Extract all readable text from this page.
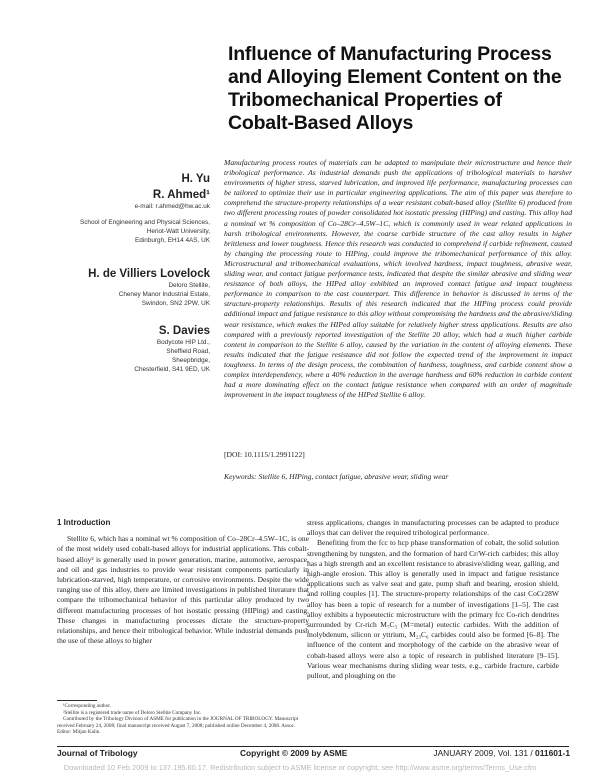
Influence of Manufacturing Process and Alloying Element Content on the Tribomechanical Properties of Cobalt-Based Alloys
H. Yu
R. Ahmed¹
e-mail: r.ahmed@hw.ac.uk
School of Engineering and Physical Sciences,
Heriot-Watt University,
Edinburgh, EH14 4AS, UK
H. de Villiers Lovelock
Deloro Stellite,
Cheney Manor Industrial Estate,
Swindon, SN2 2PW, UK
S. Davies
Bodycote HIP Ltd.,
Sheffield Road,
Sheepbridge,
Chesterfield, S41 9ED, UK

Manufacturing process routes of materials can be adapted to manipulate their microstructure and hence their tribological performance. As industrial demands push the applications of tribological materials to harsher environments of higher stress, starved lubrication, and improved life performance, manufacturing processes can be tailored to optimize their use in particular engineering applications. The aim of this paper was therefore to comprehend the structure-property relationships of a wear resistant cobalt-based alloy (Stellite 6) produced from two different processing routes of powder consolidated hot isostatic pressing (HIPing) and casting. This alloy had a nominal wt % composition of Co–28Cr–4.5W–1C, which is commonly used in wear related applications in harsh tribological environments. However, the coarse carbide structure of the cast alloy results in higher brittleness and lower toughness. Hence this research was conducted to comprehend if carbide refinement, caused by changing the processing route to HIPing, could improve the tribomechanical performance of this alloy. Microstructural and tribomechanical evaluations, which involved hardness, impact toughness, abrasive wear, sliding wear, and contact fatigue performance tests, indicated that despite the similar abrasive and sliding wear resistance of both alloys, the HIPed alloy exhibited an improved contact fatigue and impact toughness performance in comparison to the cast counterpart. This difference in behavior is discussed in terms of the structure-property relationships. Results of this research indicated that the HIPing process could provide additional impact and fatigue resistance to this alloy without compromising the hardness and the abrasive/sliding wear resistance, which makes the HIPed alloy suitable for relatively higher stress applications. Results are also compared with a previously reported investigation of the Stellite 20 alloy, which had a much higher carbide content in comparison to the Stellite 6 alloy, caused by the variation in the content of alloying elements. These results indicated that the fatigue resistance did not follow the expected trend of the improvement in impact toughness. In terms of the design process, the combination of hardness, toughness, and carbide content show a complex interdependency, where a 40% reduction in the average hardness and 60% reduction in carbide content had a more dominating effect on the contact fatigue resistance when compared with an order of magnitude improvement in the impact toughness of the HIPed Stellite 6 alloy.

[DOI: 10.1115/1.2991122]
Keywords: Stellite 6, HIPing, contact fatigue, abrasive wear, sliding wear
1 Introduction

Stellite 6, which has a nominal wt % composition of Co–28Cr–4.5W–1C, is one of the most widely used cobalt-based alloys for industrial applications. This cobalt-based alloy² is generally used in power generation, marine, automotive, aerospace, and oil and gas industries to provide wear resistant components particularly in lubrication-starved, high temperature, or corrosive environments. Despite the wide ranging use of this alloy, there are limited investigations in published literature that compare the tribomechanical behavior of this particular alloy produced by two different manufacturing processes of hot isostatic pressing (HIPing) and casting. These changes in manufacturing processes dictate the structure-property relationships, and hence their tribological behavior. While industrial demands push the use of these alloys to higher

stress applications, changes in manufacturing processes can be adapted to produce alloys that can deliver the required tribological performance.

Benefiting from the fcc to hcp phase transformation of cobalt, the solid solution strengthening by tungsten, and the formation of hard Cr/W-rich carbides; this alloy has a high strength and an excellent resistance to abrasive/sliding wear, galling, and high-angle erosion. This alloy is generally used in impact and fatigue resistance applications such as valve seat and gate, pump shaft and bearing, erosion shield, and rolling couples [1]. The structure-property relationships of the cast CoCr28W alloy has been a topic of research for a number of investigations [1–5]. The cast alloy exhibits a hypoeutectic microstructure with the primary fcc Co-rich dendrites surrounded by Cr-rich M₇C₃ (M=metal) eutectic carbides. With the addition of molybdenum, silicon or yttrium, M₂₃C₆ carbides could also be formed [6–8]. The influence of the content and morphology of the carbide on the abrasive wear of cobalt-based alloys were also a topic of research in published literature [9–15]. Various wear mechanisms during sliding wear tests, e.g., carbide fracture, carbide pullout, and ploughing on the

¹Corresponding author.

²Stellite is a registered trade name of Deloro Stellite Company Inc.

Contributed by the Tribology Division of ASME for publication in the JOURNAL OF TRIBOLOGY. Manuscript received February 24, 2008; final manuscript received August 7, 2008; published online December 4, 2008. Assoc. Editor: Mitjan Kalin.

Journal of Tribology	Copyright © 2009 by ASME	JANUARY 2009, Vol. 131 / 011601-1
Downloaded 10 Feb 2009 to 137.195.60.17. Redistribution subject to ASME license or copyright; see http://www.asme.org/terms/Terms_Use.cfm
